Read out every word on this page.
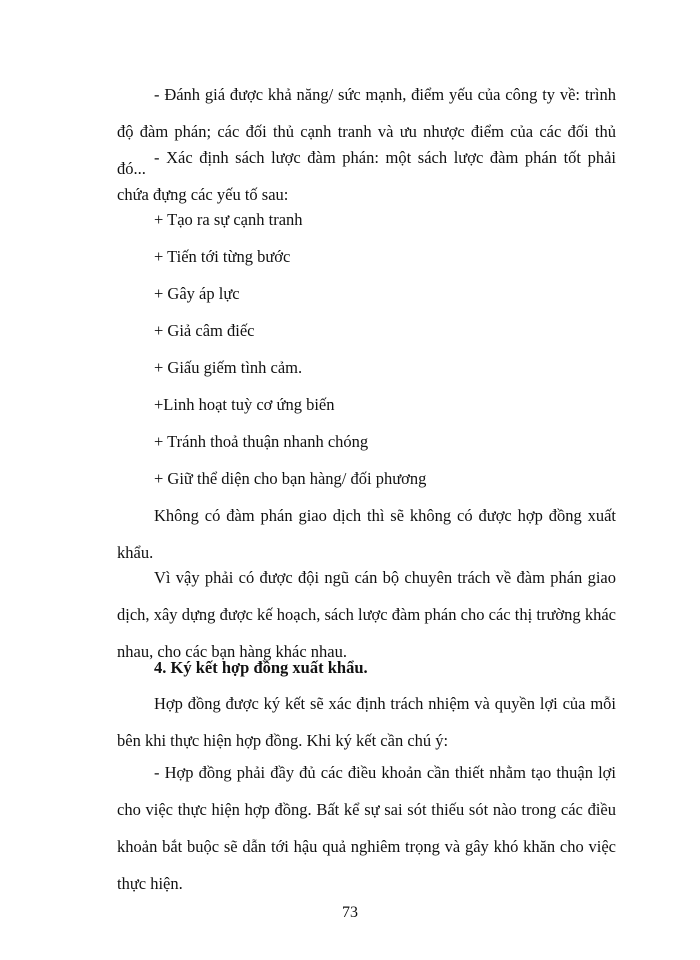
- Đánh giá được khả năng/ sức mạnh, điểm yếu của công ty về: trình độ đàm phán; các đối thủ cạnh tranh và ưu nhược điểm của các đối thủ đó...

- Xác định sách lược đàm phán: một sách lược đàm phán tốt phải chứa đựng các yếu tố sau:

+ Tạo ra sự cạnh tranh

+ Tiến tới từng bước

+ Gây áp lực

+ Giả câm điếc

+ Giấu giếm tình cảm.

+Linh hoạt tuỳ cơ ứng biến

+ Tránh thoả thuận nhanh chóng

+ Giữ thể diện cho bạn hàng/ đối phương

Không có đàm phán giao dịch thì sẽ không có được hợp đồng xuất khẩu.

Vì vậy phải có được đội ngũ cán bộ chuyên trách về đàm phán giao dịch, xây dựng được kế hoạch, sách lược đàm phán cho các thị trường khác nhau, cho các bạn hàng khác nhau.

4. Ký kết hợp đồng xuất khẩu.

Hợp đồng được ký kết sẽ xác định trách nhiệm và quyền lợi của mỗi bên khi thực hiện hợp đồng. Khi ký kết cần chú ý:

- Hợp đồng phải đầy đủ các điều khoản cần thiết nhằm tạo thuận lợi cho việc thực hiện hợp đồng. Bất kể sự sai sót thiếu sót nào trong các điều khoản bắt buộc sẽ dẫn tới hậu quả nghiêm trọng và gây khó khăn cho việc thực hiện.

73
